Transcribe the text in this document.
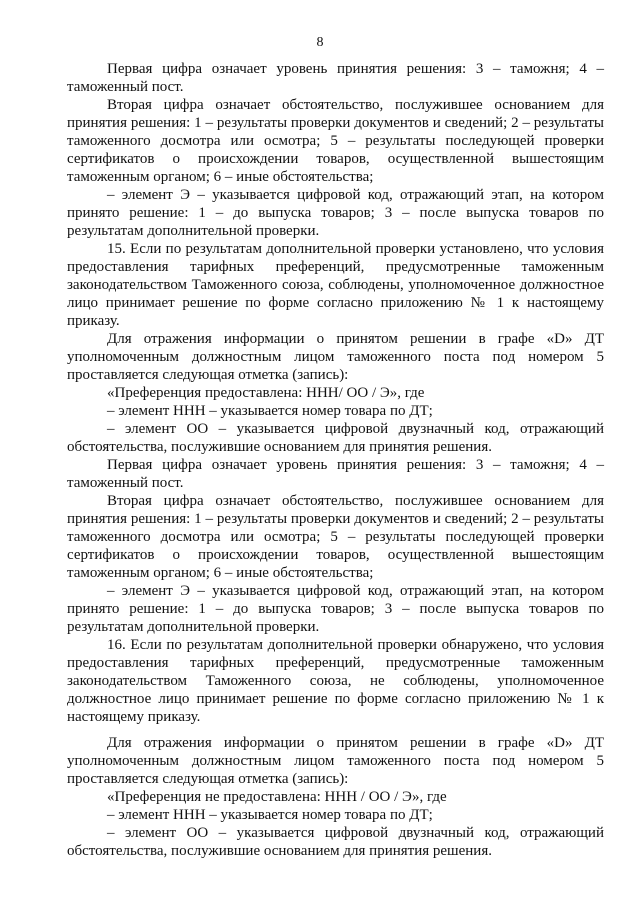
8

Первая цифра означает уровень принятия решения: 3 – таможня; 4 – таможенный пост.

Вторая цифра означает обстоятельство, послужившее основанием для принятия решения: 1 – результаты проверки документов и сведений; 2 – результаты таможенного досмотра или осмотра; 5 – результаты последующей проверки сертификатов о происхождении товаров, осуществленной вышестоящим таможенным органом; 6 – иные обстоятельства;

– элемент Э – указывается цифровой код, отражающий этап, на котором принято решение: 1 – до выпуска товаров; 3 – после выпуска товаров по результатам дополнительной проверки.

15. Если по результатам дополнительной проверки установлено, что условия предоставления тарифных преференций, предусмотренные таможенным законодательством Таможенного союза, соблюдены, уполномоченное должностное лицо принимает решение по форме согласно приложению № 1 к настоящему приказу.

Для отражения информации о принятом решении в графе «D» ДТ уполномоченным должностным лицом таможенного поста под номером 5 проставляется следующая отметка (запись):

«Преференция предоставлена: ННН/ ОО / Э», где

– элемент ННН – указывается номер товара по ДТ;

– элемент ОО – указывается цифровой двузначный код, отражающий обстоятельства, послужившие основанием для принятия решения.

Первая цифра означает уровень принятия решения: 3 – таможня; 4 – таможенный пост.

Вторая цифра означает обстоятельство, послужившее основанием для принятия решения: 1 – результаты проверки документов и сведений; 2 – результаты таможенного досмотра или осмотра; 5 – результаты последующей проверки сертификатов о происхождении товаров, осуществленной вышестоящим таможенным органом; 6 – иные обстоятельства;

– элемент Э – указывается цифровой код, отражающий этап, на котором принято решение: 1 – до выпуска товаров; 3 – после выпуска товаров по результатам дополнительной проверки.

16. Если по результатам дополнительной проверки обнаружено, что условия предоставления тарифных преференций, предусмотренные таможенным законодательством Таможенного союза, не соблюдены, уполномоченное должностное лицо принимает решение по форме согласно приложению № 1 к настоящему приказу.

Для отражения информации о принятом решении в графе «D» ДТ уполномоченным должностным лицом таможенного поста под номером 5 проставляется следующая отметка (запись):

«Преференция не предоставлена: ННН / ОО / Э», где

– элемент ННН – указывается номер товара по ДТ;

– элемент ОО – указывается цифровой двузначный код, отражающий обстоятельства, послужившие основанием для принятия решения.
